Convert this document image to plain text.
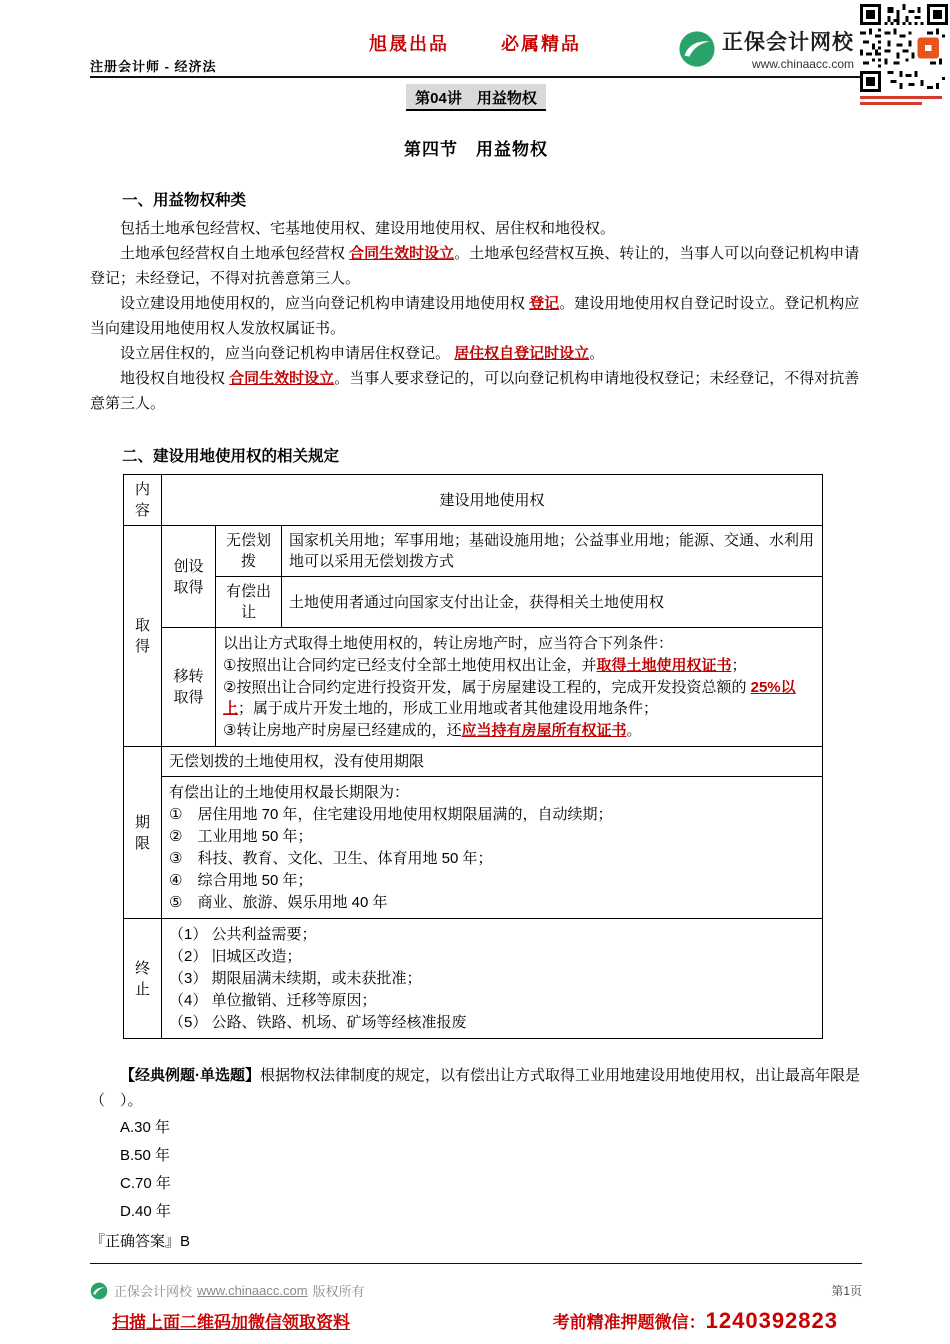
旭晟出品	必属精品	正保会计网校
www.chinaacc.com
注册会计师 - 经济法
第04讲　用益物权
第四节　用益物权
一、用益物权种类

包括土地承包经营权、宅基地使用权、建设用地使用权、居住权和地役权。

土地承包经营权自土地承包经营权 合同生效时设立。土地承包经营权互换、转让的，当事人可以向登记机构申请登记；未经登记，不得对抗善意第三人。

设立建设用地使用权的，应当向登记机构申请建设用地使用权 登记。建设用地使用权自登记时设立。登记机构应当向建设用地使用权人发放权属证书。

设立居住权的，应当向登记机构申请居住权登记。 居住权自登记时设立。

地役权自地役权 合同生效时设立。当事人要求登记的，可以向登记机构申请地役权登记；未经登记，不得对抗善意第三人。

二、建设用地使用权的相关规定
内容	建设用地使用权		
取得	创设取得	无偿划拨	国家机关用地；军事用地；基础设施用地；公益事业用地；能源、交通、水利用地可以采用无偿划拨方式
		有偿出让	土地使用者通过向国家支付出让金，获得相关土地使用权
	移转取得	以出让方式取得土地使用权的，转让房地产时，应当符合下列条件：
①按照出让合同约定已经支付全部土地使用权出让金，并取得土地使用权证书；
②按照出让合同约定进行投资开发，属于房屋建设工程的，完成开发投资总额的 25%以上；属于成片开发土地的，形成工业用地或者其他建设用地条件；
③转让房地产时房屋已经建成的，还应当持有房屋所有权证书。	

期限	无偿划拨的土地使用权，没有使用期限		

有偿出让的土地使用权最长期限为：
①　居住用地 70 年，住宅建设用地使用权期限届满的，自动续期；
②　工业用地 50 年；
③　科技、教育、文化、卫生、体育用地 50 年；
④　综合用地 50 年；
⑤　商业、旅游、娱乐用地 40 年

终止	（1） 公共利益需要；
（2） 旧城区改造；
（3） 期限届满未续期，或未获批准；
（4） 单位撤销、迁移等原因；
（5） 公路、铁路、机场、矿场等经核准报废		

【经典例题·单选题】根据物权法律制度的规定，以有偿出让方式取得工业用地建设用地使用权，出让最高年限是（　）。

A.30 年
B.50 年
C.70 年
D.40 年

『正确答案』B

正保会计网校 www.chinaacc.com 版权所有	第1页
扫描上面二维码加微信领取资料	考前精准押题微信：1240392823
